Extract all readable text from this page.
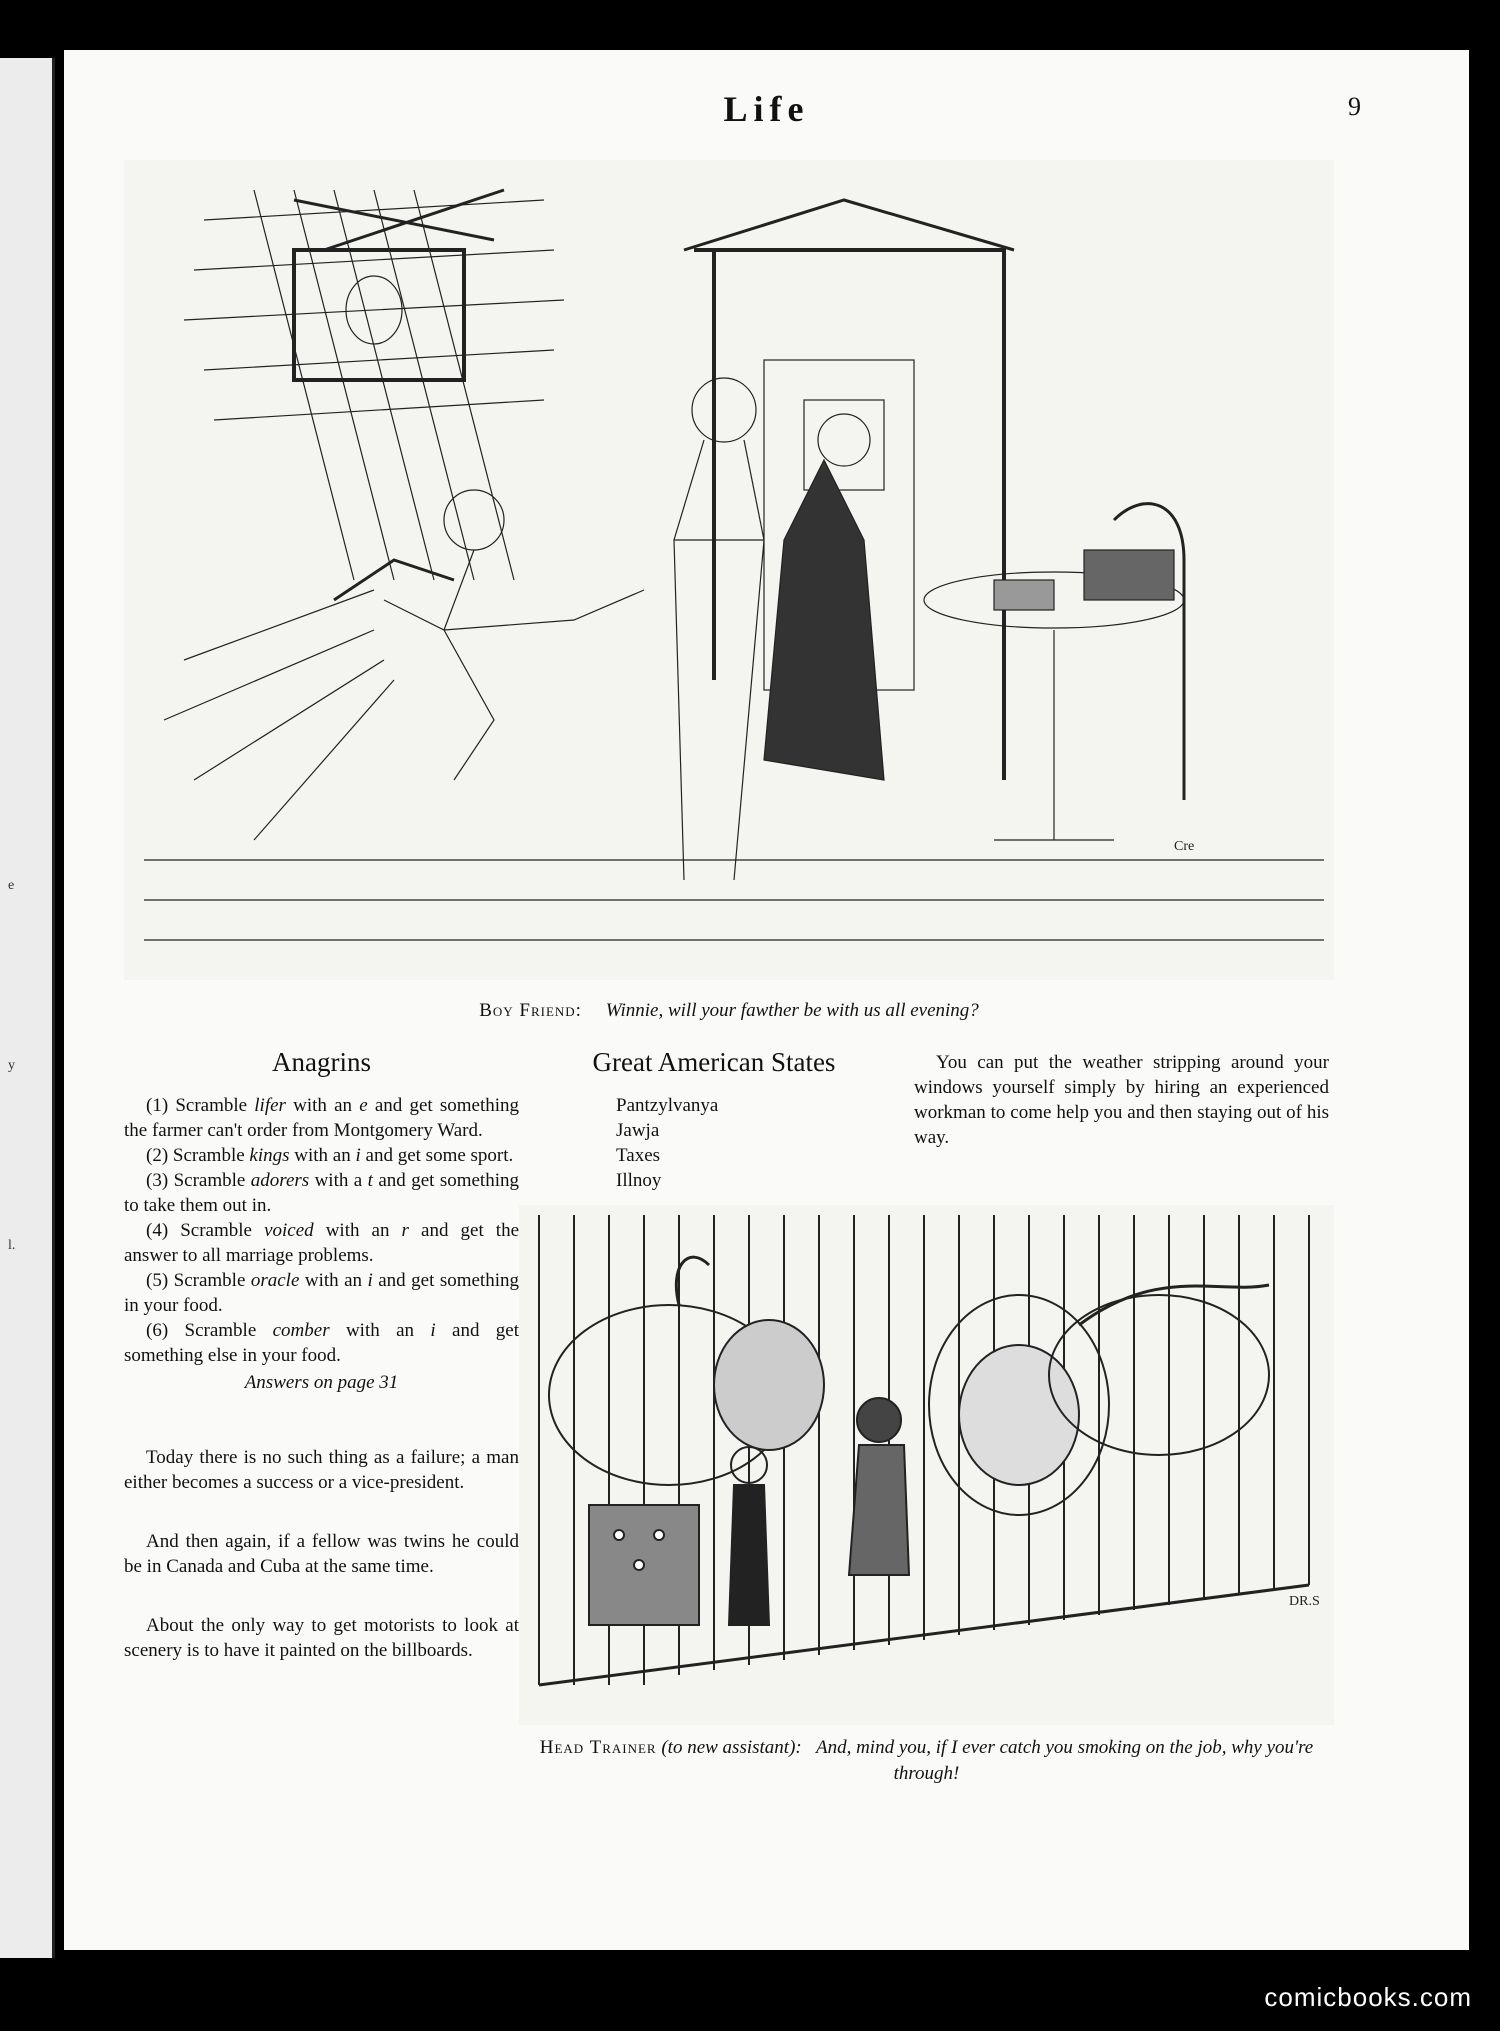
e
y
l.
Life	9
Cre
Boy Friend: Winnie, will your fawther be with us all evening?
Anagrins

(1) Scramble lifer with an e and get something the farmer can't order from Montgomery Ward.

(2) Scramble kings with an i and get some sport.

(3) Scramble adorers with a t and get something to take them out in.

(4) Scramble voiced with an r and get the answer to all marriage problems.

(5) Scramble oracle with an i and get something in your food.

(6) Scramble comber with an i and get something else in your food.

Answers on page 31
Today there is no such thing as a failure; a man either becomes a success or a vice-president.
And then again, if a fellow was twins he could be in Canada and Cuba at the same time.
About the only way to get motorists to look at scenery is to have it painted on the billboards.
Great American States
Pantzylvanya
Jawja
Taxes
Illnoy
You can put the weather stripping around your windows yourself simply by hiring an experienced workman to come help you and then staying out of his way.
DR.S
Head Trainer (to new assistant): And, mind you, if I ever catch you smoking on the job, why you're through!
comicbooks.com
